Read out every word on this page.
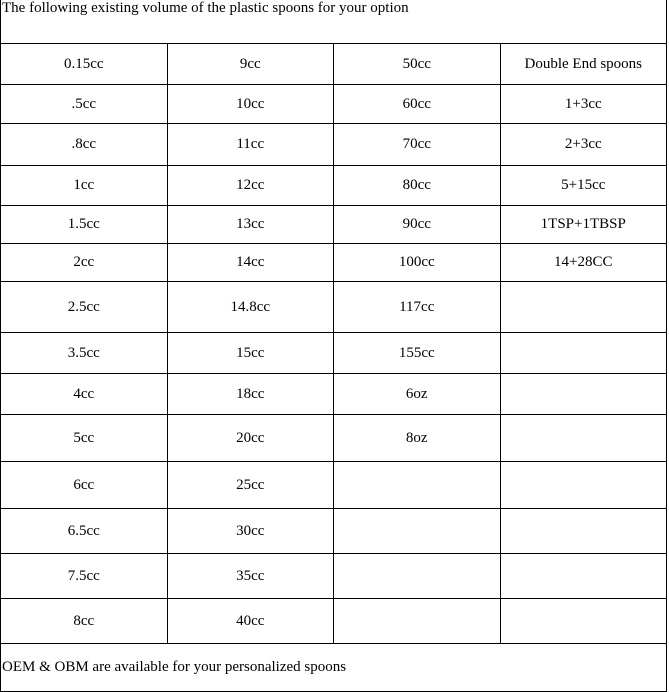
The following existing volume of the plastic spoons for your option			
0.15cc	9cc	50cc	Double End spoons
.5cc	10cc	60cc	1+3cc
.8cc	11cc	70cc	2+3cc
1cc	12cc	80cc	5+15cc
1.5cc	13cc	90cc	1TSP+1TBSP
2cc	14cc	100cc	14+28CC
2.5cc	14.8cc	117cc	
3.5cc	15cc	155cc	
4cc	18cc	6oz	
5cc	20cc	8oz	
6cc	25cc		
6.5cc	30cc		
7.5cc	35cc		
8cc	40cc		
OEM & OBM are available for your personalized spoons			
